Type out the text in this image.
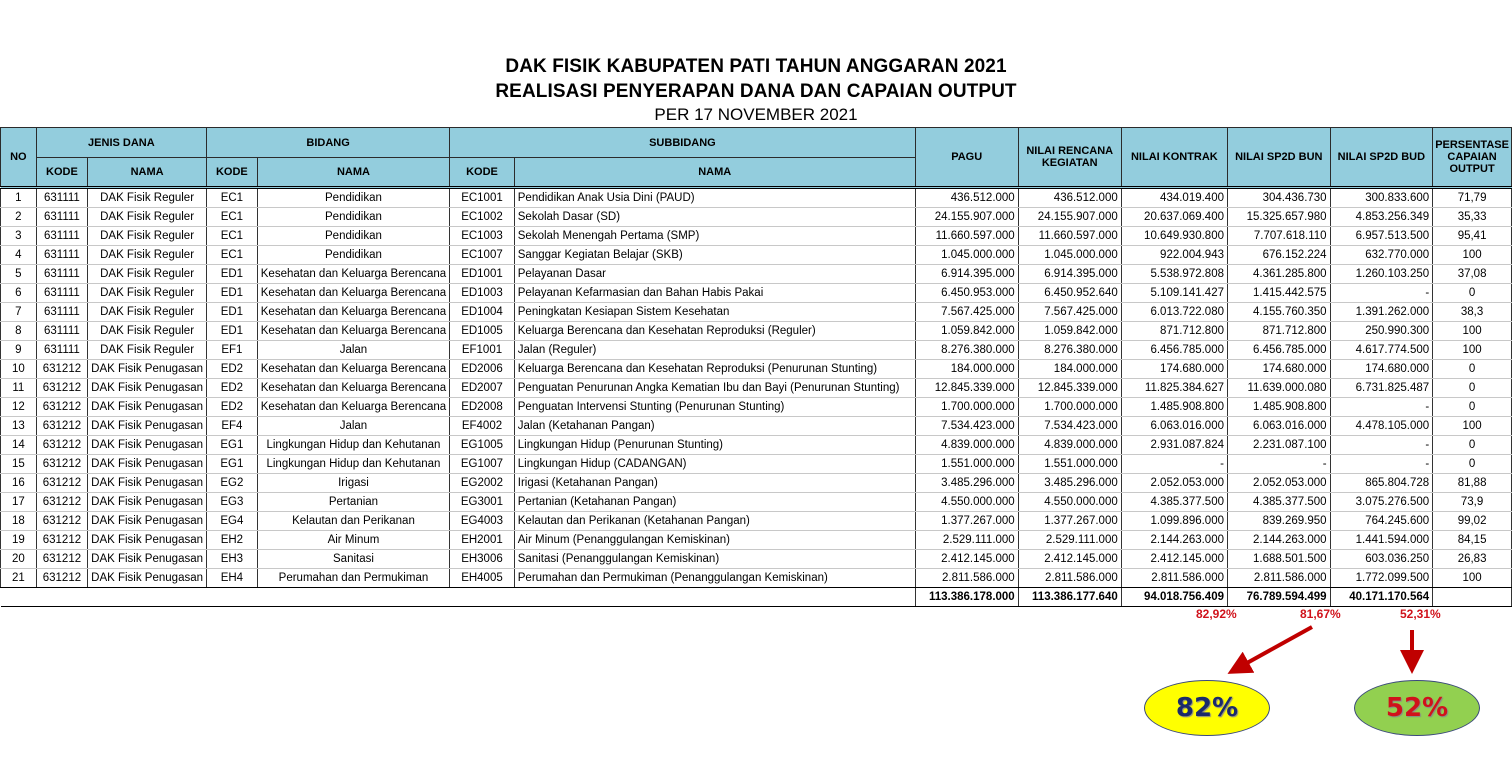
DAK FISIK KABUPATEN PATI TAHUN ANGGARAN 2021
REALISASI PENYERAPAN DANA DAN CAPAIAN OUTPUT
PER 17 NOVEMBER 2021
NO	JENIS DANA		BIDANG		SUBBIDANG		PAGU	NILAI RENCANA KEGIATAN	NILAI KONTRAK	NILAI SP2D BUN	NILAI SP2D BUD	PERSENTASE CAPAIAN OUTPUT
	KODE	NAMA	KODE	NAMA	KODE	NAMA						
1	631111	DAK Fisik Reguler	EC1	Pendidikan	EC1001	Pendidikan Anak Usia Dini (PAUD)	436.512.000	436.512.000	434.019.400	304.436.730	300.833.600	71,79
2	631111	DAK Fisik Reguler	EC1	Pendidikan	EC1002	Sekolah Dasar (SD)	24.155.907.000	24.155.907.000	20.637.069.400	15.325.657.980	4.853.256.349	35,33
3	631111	DAK Fisik Reguler	EC1	Pendidikan	EC1003	Sekolah Menengah Pertama (SMP)	11.660.597.000	11.660.597.000	10.649.930.800	7.707.618.110	6.957.513.500	95,41
4	631111	DAK Fisik Reguler	EC1	Pendidikan	EC1007	Sanggar Kegiatan Belajar (SKB)	1.045.000.000	1.045.000.000	922.004.943	676.152.224	632.770.000	100
5	631111	DAK Fisik Reguler	ED1	Kesehatan dan Keluarga Berencana	ED1001	Pelayanan Dasar	6.914.395.000	6.914.395.000	5.538.972.808	4.361.285.800	1.260.103.250	37,08
6	631111	DAK Fisik Reguler	ED1	Kesehatan dan Keluarga Berencana	ED1003	Pelayanan Kefarmasian dan Bahan Habis Pakai	6.450.953.000	6.450.952.640	5.109.141.427	1.415.442.575	-	0
7	631111	DAK Fisik Reguler	ED1	Kesehatan dan Keluarga Berencana	ED1004	Peningkatan Kesiapan Sistem Kesehatan	7.567.425.000	7.567.425.000	6.013.722.080	4.155.760.350	1.391.262.000	38,3
8	631111	DAK Fisik Reguler	ED1	Kesehatan dan Keluarga Berencana	ED1005	Keluarga Berencana dan Kesehatan Reproduksi (Reguler)	1.059.842.000	1.059.842.000	871.712.800	871.712.800	250.990.300	100
9	631111	DAK Fisik Reguler	EF1	Jalan	EF1001	Jalan (Reguler)	8.276.380.000	8.276.380.000	6.456.785.000	6.456.785.000	4.617.774.500	100
10	631212	DAK Fisik Penugasan	ED2	Kesehatan dan Keluarga Berencana	ED2006	Keluarga Berencana dan Kesehatan Reproduksi (Penurunan Stunting)	184.000.000	184.000.000	174.680.000	174.680.000	174.680.000	0
11	631212	DAK Fisik Penugasan	ED2	Kesehatan dan Keluarga Berencana	ED2007	Penguatan Penurunan Angka Kematian Ibu dan Bayi (Penurunan Stunting)	12.845.339.000	12.845.339.000	11.825.384.627	11.639.000.080	6.731.825.487	0
12	631212	DAK Fisik Penugasan	ED2	Kesehatan dan Keluarga Berencana	ED2008	Penguatan Intervensi Stunting (Penurunan Stunting)	1.700.000.000	1.700.000.000	1.485.908.800	1.485.908.800	-	0
13	631212	DAK Fisik Penugasan	EF4	Jalan	EF4002	Jalan (Ketahanan Pangan)	7.534.423.000	7.534.423.000	6.063.016.000	6.063.016.000	4.478.105.000	100
14	631212	DAK Fisik Penugasan	EG1	Lingkungan Hidup dan Kehutanan	EG1005	Lingkungan Hidup (Penurunan Stunting)	4.839.000.000	4.839.000.000	2.931.087.824	2.231.087.100	-	0
15	631212	DAK Fisik Penugasan	EG1	Lingkungan Hidup dan Kehutanan	EG1007	Lingkungan Hidup (CADANGAN)	1.551.000.000	1.551.000.000	-	-	-	0
16	631212	DAK Fisik Penugasan	EG2	Irigasi	EG2002	Irigasi (Ketahanan Pangan)	3.485.296.000	3.485.296.000	2.052.053.000	2.052.053.000	865.804.728	81,88
17	631212	DAK Fisik Penugasan	EG3	Pertanian	EG3001	Pertanian (Ketahanan Pangan)	4.550.000.000	4.550.000.000	4.385.377.500	4.385.377.500	3.075.276.500	73,9
18	631212	DAK Fisik Penugasan	EG4	Kelautan dan Perikanan	EG4003	Kelautan dan Perikanan (Ketahanan Pangan)	1.377.267.000	1.377.267.000	1.099.896.000	839.269.950	764.245.600	99,02
19	631212	DAK Fisik Penugasan	EH2	Air Minum	EH2001	Air Minum (Penanggulangan Kemiskinan)	2.529.111.000	2.529.111.000	2.144.263.000	2.144.263.000	1.441.594.000	84,15
20	631212	DAK Fisik Penugasan	EH3	Sanitasi	EH3006	Sanitasi (Penanggulangan Kemiskinan)	2.412.145.000	2.412.145.000	2.412.145.000	1.688.501.500	603.036.250	26,83
21	631212	DAK Fisik Penugasan	EH4	Perumahan dan Permukiman	EH4005	Perumahan dan Permukiman (Penanggulangan Kemiskinan)	2.811.586.000	2.811.586.000	2.811.586.000	2.811.586.000	1.772.099.500	100
							113.386.178.000	113.386.177.640	94.018.756.409	76.789.594.499	40.171.170.564	
82,92%	81,67%	52,31%
82%	52%
